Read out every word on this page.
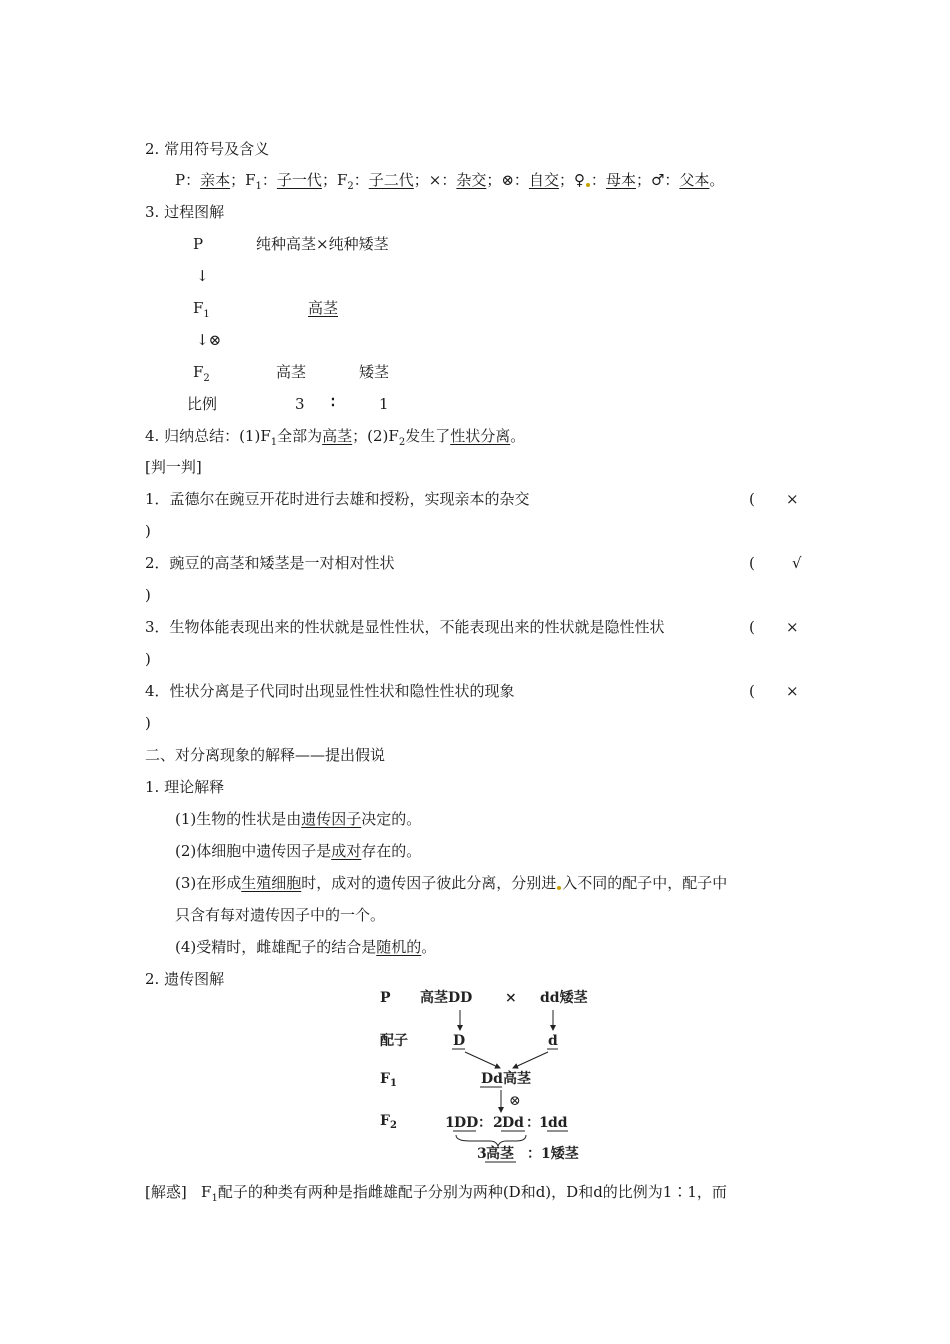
2. 常用符号及含义
P：亲本；$F_1$：子一代；$F_2$：子二代；×：杂交；⊗：自交；♀ ：母本；♂：父本。
3. 过程图解
P	纯种高茎×纯种矮茎
↓
$F_1$	高茎
↓⊗
$F_2$	高茎	矮茎
比例	3 ∶	1
4. 归纳总结：$(1)F_1$全部为高茎；$(2)F_2$发生了性状分离。
[判一判]
1．孟德尔在豌豆开花时进行去雄和授粉，实现亲本的杂交	( ×
)
2．豌豆的高茎和矮茎是一对相对性状	( √
)
3．生物体能表现出来的性状就是显性性状，不能表现出来的性状就是隐性性状	( ×
)
4．性状分离是子代同时出现显性性状和隐性性状的现象	( ×
)
二、对分离现象的解释——提出假说
1. 理论解释
(1)生物的性状是由遗传因子决定的。
(2)体细胞中遗传因子是成对存在的。
(3)在形成生殖细胞时，成对的遗传因子彼此分离，分别进 入不同的配子中，配子中
只含有每对遗传因子中的一个。
(4)受精时，雌雄配子的结合是随机的。
2. 遗传图解
P 高茎DD × dd矮茎
配子	D	d
$F_1$	Dd 高茎
⊗
$F_2$	1 DD ： 2 Dd ： 1 dd
3 高茎 ： 1矮茎
[解惑] $F_1$配子的种类有两种是指雌雄配子分别为两种(D和d)，D和d的比例为1∶1，而
